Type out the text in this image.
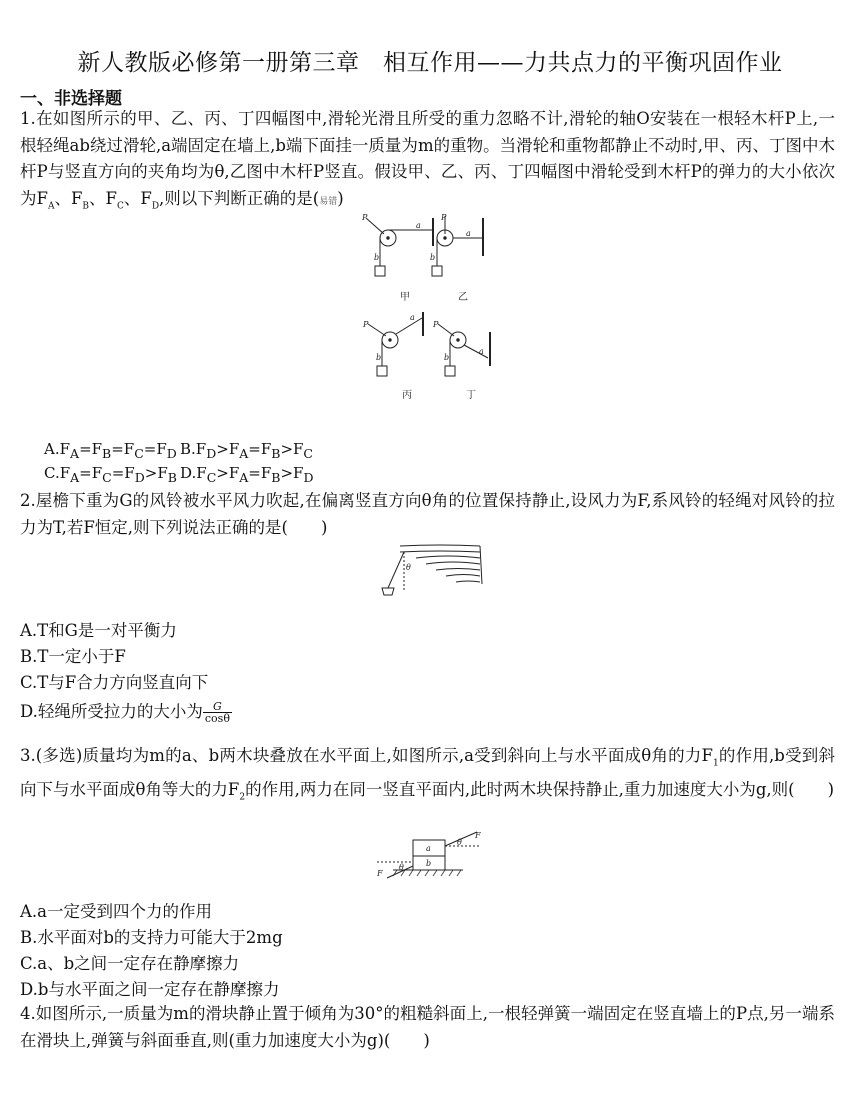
新人教版必修第一册第三章　相互作用——力共点力的平衡巩固作业
一、非选择题
1.在如图所示的甲、乙、丙、丁四幅图中,滑轮光滑且所受的重力忽略不计,滑轮的轴O安装在一根轻木杆P上,一根轻绳ab绕过滑轮,a端固定在墙上,b端下面挂一质量为m的重物。当滑轮和重物都静止不动时,甲、丙、丁图中木杆P与竖直方向的夹角均为θ,乙图中木杆P竖直。假设甲、乙、丙、丁四幅图中滑轮受到木杆P的弹力的大小依次为$F_A$、$F_B$、$F_C$、$F_D$,则以下判断正确的是(易错)
P
a
b
P
a
b
P
a
b
P
a
b
甲	乙
丙	丁
$A.F_A=F_B=F_C=F_D$ $B.F_D>F_A=F_B>F_C$
$C.F_A=F_C=F_D>F_B$ $D.F_C>F_A=F_B>F_D$
2.屋檐下重为G的风铃被水平风力吹起,在偏离竖直方向θ角的位置保持静止,设风力为F,系风铃的轻绳对风铃的拉力为T,若F恒定,则下列说法正确的是(　　)
θ
A.T和G是一对平衡力
B.T一定小于F
C.T与F合力方向竖直向下
D.轻绳所受拉力的大小为 $\frac{G}{\cos\theta}$
3.(多选)质量均为m的a、b两木块叠放在水平面上,如图所示,a受到斜向上与水平面成θ角的力$F_1$的作用,b受到斜向下与水平面成θ角等大的力$F_2$的作用,两力在同一竖直平面内,此时两木块保持静止,重力加速度大小为g,则(　　)
a
b
F
θ
F
θ
A.a一定受到四个力的作用
B.水平面对b的支持力可能大于2mg
C.a、b之间一定存在静摩擦力
D.b与水平面之间一定存在静摩擦力
4.如图所示,一质量为m的滑块静止置于倾角为30°的粗糙斜面上,一根轻弹簧一端固定在竖直墙上的P点,另一端系在滑块上,弹簧与斜面垂直,则(重力加速度大小为g)(　　)
